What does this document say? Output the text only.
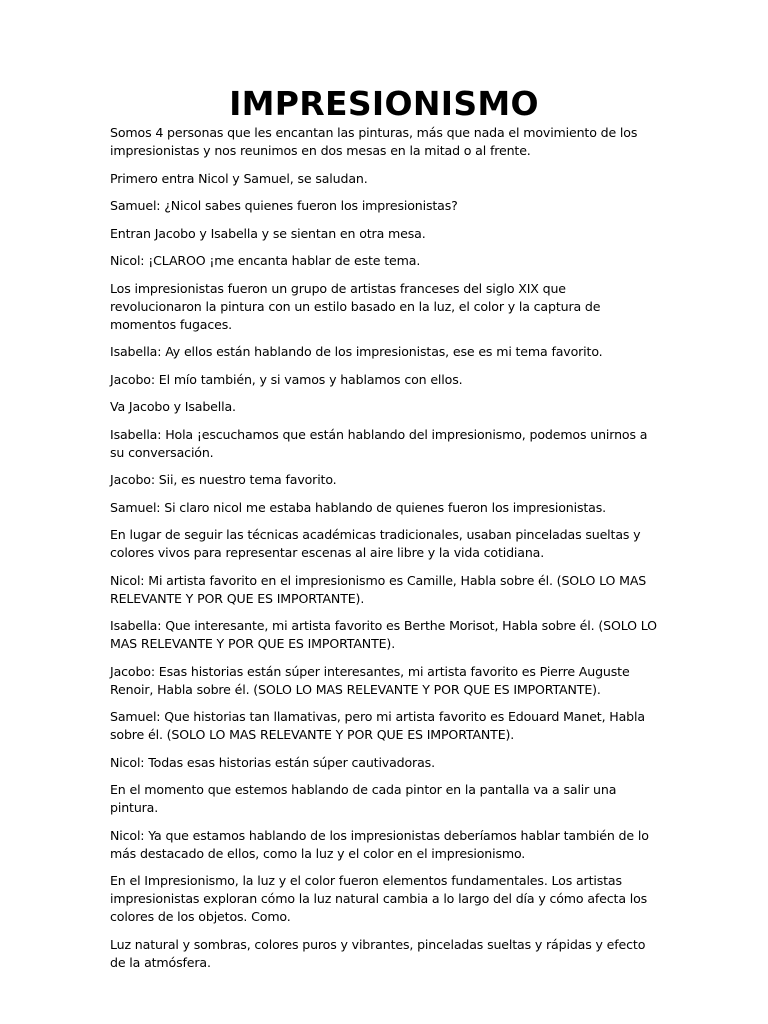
IMPRESIONISMO

Somos 4 personas que les encantan las pinturas, más que nada el movimiento de los impresionistas y nos reunimos en dos mesas en la mitad o al frente.

Primero entra Nicol y Samuel, se saludan.

Samuel: ¿Nicol sabes quienes fueron los impresionistas?

Entran Jacobo y Isabella y se sientan en otra mesa.

Nicol: ¡CLAROO ¡me encanta hablar de este tema.

Los impresionistas fueron un grupo de artistas franceses del siglo XIX que revolucionaron la pintura con un estilo basado en la luz, el color y la captura de momentos fugaces.

Isabella: Ay ellos están hablando de los impresionistas, ese es mi tema favorito.

Jacobo: El mío también, y si vamos y hablamos con ellos.

Va Jacobo y Isabella.

Isabella: Hola ¡escuchamos que están hablando del impresionismo, podemos unirnos a su conversación.

Jacobo: Sii, es nuestro tema favorito.

Samuel: Si claro nicol me estaba hablando de quienes fueron los impresionistas.

En lugar de seguir las técnicas académicas tradicionales, usaban pinceladas sueltas y colores vivos para representar escenas al aire libre y la vida cotidiana.

Nicol: Mi artista favorito en el impresionismo es Camille, Habla sobre él. (SOLO LO MAS RELEVANTE Y POR QUE ES IMPORTANTE).

Isabella: Que interesante, mi artista favorito es Berthe Morisot, Habla sobre él. (SOLO LO MAS RELEVANTE Y POR QUE ES IMPORTANTE).

Jacobo: Esas historias están súper interesantes, mi artista favorito es Pierre Auguste Renoir, Habla sobre él. (SOLO LO MAS RELEVANTE Y POR QUE ES IMPORTANTE).

Samuel: Que historias tan llamativas, pero mi artista favorito es Edouard Manet, Habla sobre él. (SOLO LO MAS RELEVANTE Y POR QUE ES IMPORTANTE).

Nicol: Todas esas historias están súper cautivadoras.

En el momento que estemos hablando de cada pintor en la pantalla va a salir una pintura.

Nicol: Ya que estamos hablando de los impresionistas deberíamos hablar también de lo más destacado de ellos, como la luz y el color en el impresionismo.

En el Impresionismo, la luz y el color fueron elementos fundamentales. Los artistas impresionistas exploran cómo la luz natural cambia a lo largo del día y cómo afecta los colores de los objetos. Como.

Luz natural y sombras, colores puros y vibrantes, pinceladas sueltas y rápidas y efecto de la atmósfera.
